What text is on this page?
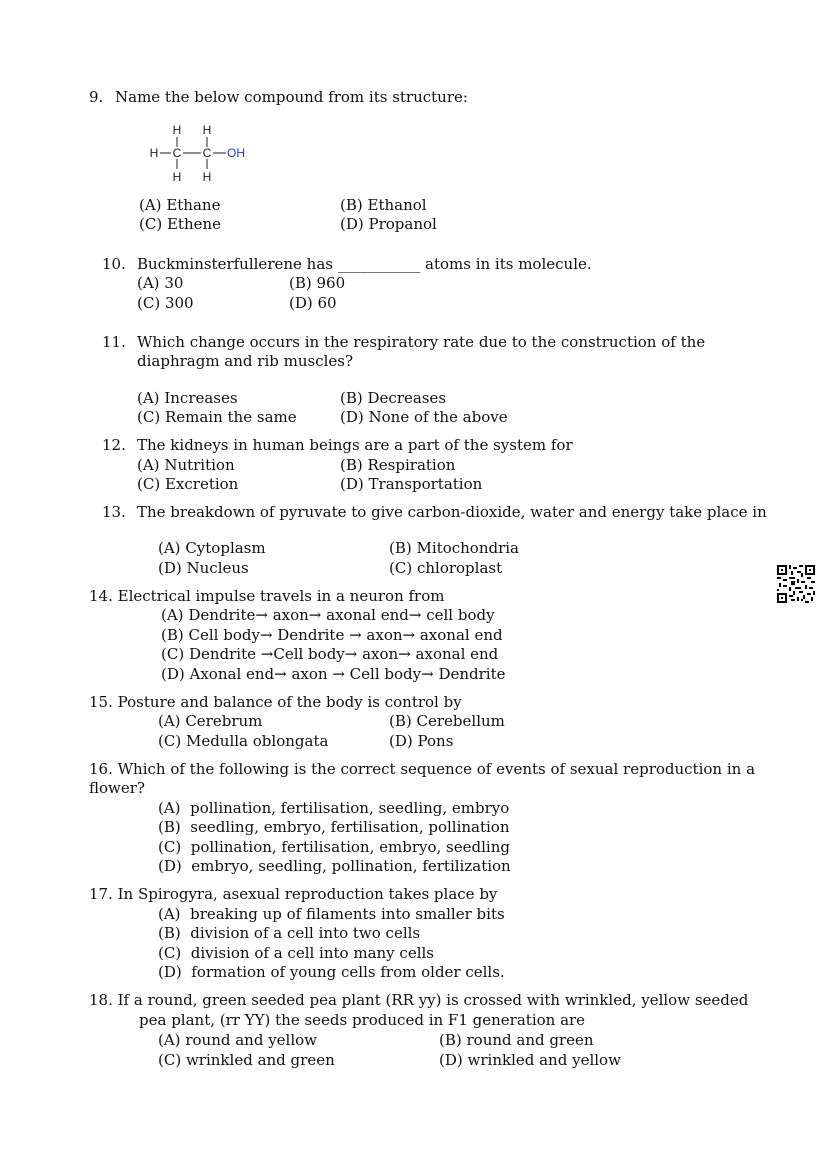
9. Name the below compound from its structure:
H H
H C C OH
H H
(A) Ethane	(B) Ethanol
(C) Ethene	(D) Propanol
10. Buckminsterfullerene has ___________ atoms in its molecule.
(A) 30	(B) 960
(C) 300	(D) 60
11. Which change occurs in the respiratory rate due to the construction of the
diaphragm and rib muscles?
(A) Increases	(B) Decreases
(C) Remain the same	(D) None of the above
12. The kidneys in human beings are a part of the system for
(A) Nutrition	(B) Respiration
(C) Excretion	(D) Transportation
13. The breakdown of pyruvate to give carbon-dioxide, water and energy take place in
(A) Cytoplasm	(B) Mitochondria
(D) Nucleus	(C) chloroplast
14. Electrical impulse travels in a neuron from
(A) Dendrite→ axon→ axonal end→ cell body
(B) Cell body→ Dendrite → axon→ axonal end
(C) Dendrite →Cell body→ axon→ axonal end
(D) Axonal end→ axon → Cell body→ Dendrite
15. Posture and balance of the body is control by
(A) Cerebrum	(B) Cerebellum
(C) Medulla oblongata	(D) Pons
16. Which of the following is the correct sequence of events of sexual reproduction in a
flower?
(A) pollination, fertilisation, seedling, embryo
(B) seedling, embryo, fertilisation, pollination
(C) pollination, fertilisation, embryo, seedling
(D) embryo, seedling, pollination, fertilization
17. In Spirogyra, asexual reproduction takes place by
(A) breaking up of filaments into smaller bits
(B) division of a cell into two cells
(C) division of a cell into many cells
(D) formation of young cells from older cells.
18. If a round, green seeded pea plant (RR yy) is crossed with wrinkled, yellow seeded
pea plant, (rr YY) the seeds produced in F1 generation are
(A) round and yellow	(B) round and green
(C) wrinkled and green	(D) wrinkled and yellow
